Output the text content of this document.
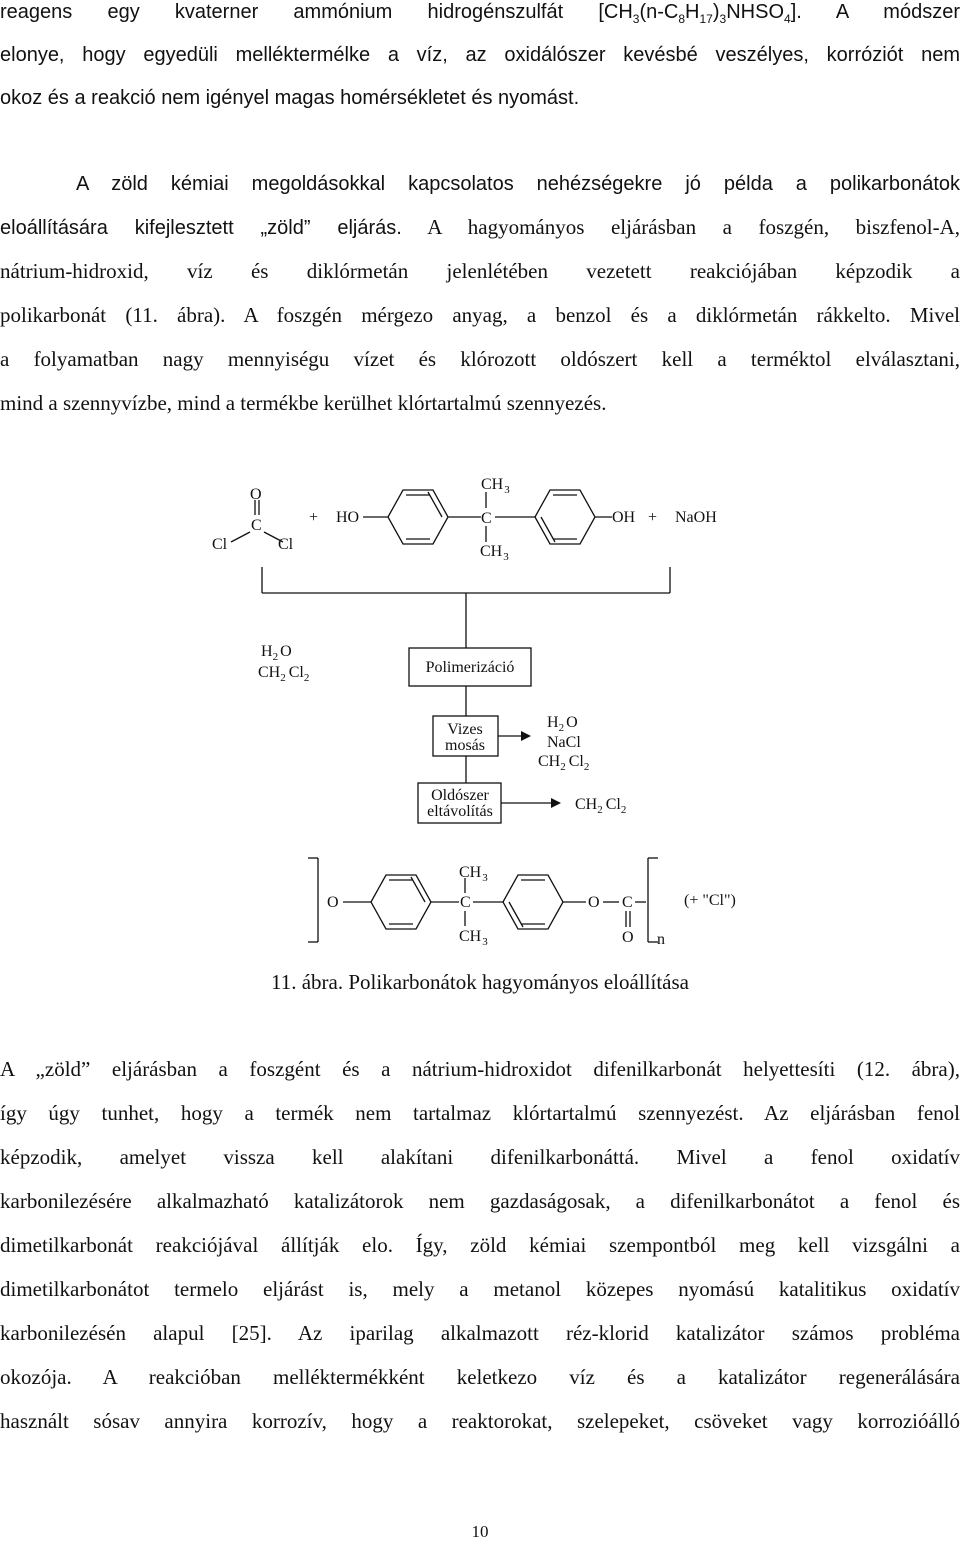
reagens egy kvaterner ammónium hidrogénszulfát $[CH_3(n-C_8H_{17})_3NHSO_4]$. A módszer
elonye, hogy egyedüli melléktermélke a víz, az oxidálószer kevésbé veszélyes, korróziót nem
okoz és a reakció nem igényel magas homérsékletet és nyomást.
A zöld kémiai megoldásokkal kapcsolatos nehézségekre jó példa a polikarbonátok
eloállítására kifejlesztett „zöld” eljárás. A hagyományos eljárásban a foszgén, biszfenol-A,
nátrium-hidroxid, víz és diklórmetán jelenlétében vezetett reakciójában képzodik a
polikarbonát (11. ábra). A foszgén mérgezo anyag, a benzol és a diklórmetán rákkelto. Mivel
a folyamatban nagy mennyiségu vízet és klórozott oldószert kell a terméktol elválasztani,
mind a szennyvízbe, mind a termékbe kerülhet klórtartalmú szennyezés.
O
C
Cl	Cl
+ HO
$CH_3$
C
$CH_3$
OH + NaOH
$H_2$ O
$CH_2$ $Cl_2$
Polimerizáció
Vizes
mosás
Oldószer
eltávolítás
$H_2$ O
NaCl
$CH_2$ $Cl_2$
$CH_2$ $Cl_2$
O
$CH_3$
C
$CH_3$
O C
O n
(+ "Cl")
11. ábra. Polikarbonátok hagyományos eloállítása
A „zöld” eljárásban a foszgént és a nátrium-hidroxidot difenilkarbonát helyettesíti (12. ábra),
így úgy tunhet, hogy a termék nem tartalmaz klórtartalmú szennyezést. Az eljárásban fenol
képzodik, amelyet vissza kell alakítani difenilkarbonáttá. Mivel a fenol oxidatív
karbonilezésére alkalmazható katalizátorok nem gazdaságosak, a difenilkarbonátot a fenol és
dimetilkarbonát reakciójával állítják elo. Így, zöld kémiai szempontból meg kell vizsgálni a
dimetilkarbonátot termelo eljárást is, mely a metanol közepes nyomású katalitikus oxidatív
karbonilezésén alapul [25]. Az iparilag alkalmazott réz-klorid katalizátor számos probléma
okozója. A reakcióban melléktermékként keletkezo víz és a katalizátor regenerálására
használt sósav annyira korrozív, hogy a reaktorokat, szelepeket, csöveket vagy korrozióálló
10
